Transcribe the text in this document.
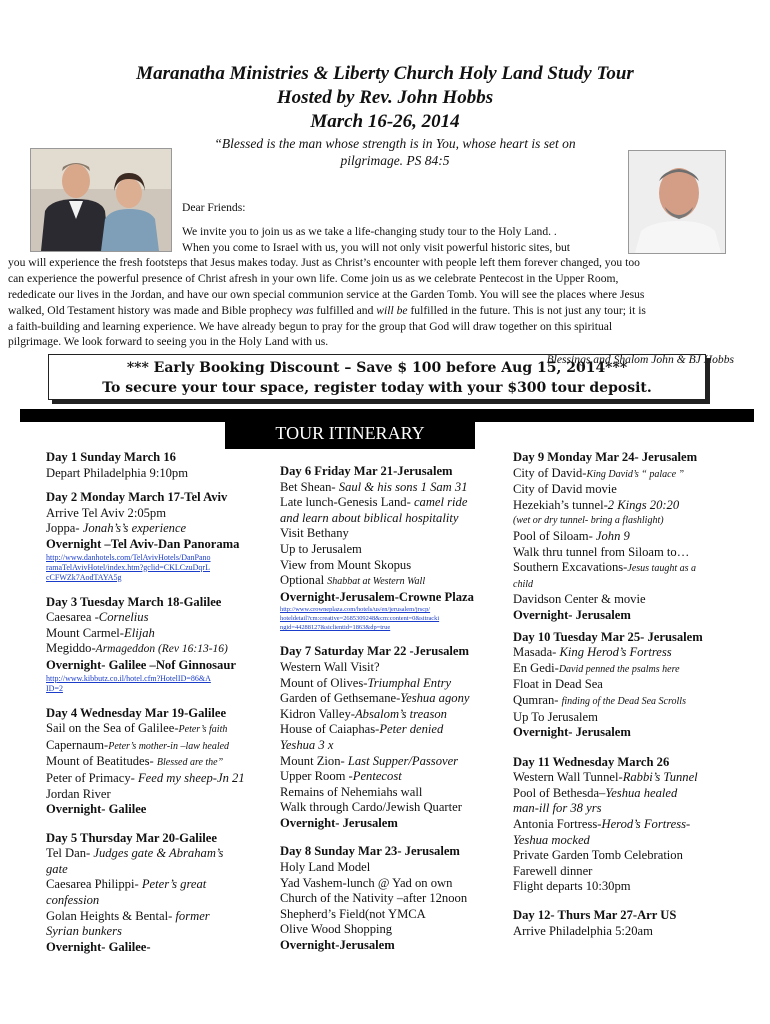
Maranatha Ministries & Liberty Church Holy Land Study Tour
Hosted by Rev. John Hobbs
March 16-26, 2014
“Blessed is the man whose strength is in You, whose heart is set on
pilgrimage. PS 84:5

Dear Friends:

We invite you to join us as we take a life-changing study tour to the Holy Land. .

When you come to Israel with us, you will not only visit powerful historic sites, but

you will experience the fresh footsteps that Jesus makes today. Just as Christ’s encounter with people left them forever changed, you too

can experience the powerful presence of Christ afresh in your own life. Come join us as we celebrate Pentecost in the Upper Room,

rededicate our lives in the Jordan, and have our own special communion service at the Garden Tomb. You will see the places where Jesus

walked, Old Testament history was made and Bible prophecy was fulfilled and will be fulfilled in the future. This is not just any tour; it is

a faith-building and learning experience. We have already begun to pray for the group that God will draw together on this spiritual

pilgrimage. We look forward to seeing you in the Holy Land with us.

Blessings and Shalom John & BJ Hobbs

*** Early Booking Discount – Save $ 100 before Aug 15, 2014***
To secure your tour space, register today with your $300 tour deposit.
TOUR ITINERARY
Day 1 Sunday March 16
Depart Philadelphia 9:10pm
Day 2 Monday March 17-Tel Aviv
Arrive Tel Aviv 2:05pm
Joppa- Jonah’s’s experience
Overnight –Tel Aviv-Dan Panorama
http://www.danhotels.com/TelAvivHotels/DanPano
ramaTelAvivHotel/index.htm?gclid=CKLCzuDqrL
cCFWZk7AodTAYA5g
Day 3 Tuesday March 18-Galilee
Caesarea -Cornelius
Mount Carmel-Elijah
Megiddo-Armageddon (Rev 16:13-16)
Overnight- Galilee –Nof Ginnosaur
http://www.kibbutz.co.il/hotel.cfm?HotelID=86&A
ID=2
Day 4 Wednesday Mar 19-Galilee
Sail on the Sea of Galilee-Peter’s faith
Capernaum-Peter’s mother-in –law healed
Mount of Beatitudes- Blessed are the”
Peter of Primacy- Feed my sheep-Jn 21
Jordan River
Overnight- Galilee
Day 5 Thursday Mar 20-Galilee
Tel Dan- Judges gate & Abraham’s
gate
Caesarea Philippi- Peter’s great
confession
Golan Heights & Bental- former
Syrian bunkers
Overnight- Galilee-
Day 6 Friday Mar 21-Jerusalem
Bet Shean- Saul & his sons 1 Sam 31
Late lunch-Genesis Land- camel ride
and learn about biblical hospitality
Visit Bethany
Up to Jerusalem
View from Mount Skopus
Optional Shabbat at Western Wall
Overnight-Jerusalem-Crowne Plaza
http://www.crowneplaza.com/hotels/us/en/jerusalem/jrscp/
hoteldetail?cm:creative=2685309248&cm:content=0&sitracki
ngid=44288127&siclientid=1863&dp=true
Day 7 Saturday Mar 22 -Jerusalem
Western Wall Visit?
Mount of Olives-Triumphal Entry
Garden of Gethsemane-Yeshua agony
Kidron Valley-Absalom’s treason
House of Caiaphas-Peter denied
Yeshua 3 x
Mount Zion- Last Supper/Passover
Upper Room -Pentecost
Remains of Nehemiahs wall
Walk through Cardo/Jewish Quarter
Overnight- Jerusalem
Day 8 Sunday Mar 23- Jerusalem
Holy Land Model
Yad Vashem-lunch @ Yad on own
Church of the Nativity –after 12noon
Shepherd’s Field(not YMCA
Olive Wood Shopping
Overnight-Jerusalem
Day 9 Monday Mar 24- Jerusalem
City of David-King David’s “ palace ”
City of David movie
Hezekiah’s tunnel-2 Kings 20:20
(wet or dry tunnel- bring a flashlight)
Pool of Siloam- John 9
Walk thru tunnel from Siloam to…
Southern Excavations-Jesus taught as a
child
Davidson Center & movie
Overnight- Jerusalem
Day 10 Tuesday Mar 25- Jerusalem
Masada- King Herod’s Fortress
En Gedi-David penned the psalms here
Float in Dead Sea
Qumran- finding of the Dead Sea Scrolls
Up To Jerusalem
Overnight- Jerusalem
Day 11 Wednesday March 26
Western Wall Tunnel-Rabbi’s Tunnel
Pool of Bethesda–Yeshua healed
man-ill for 38 yrs
Antonia Fortress-Herod’s Fortress-
Yeshua mocked
Private Garden Tomb Celebration
Farewell dinner
Flight departs 10:30pm
Day 12- Thurs Mar 27-Arr US
Arrive Philadelphia 5:20am
